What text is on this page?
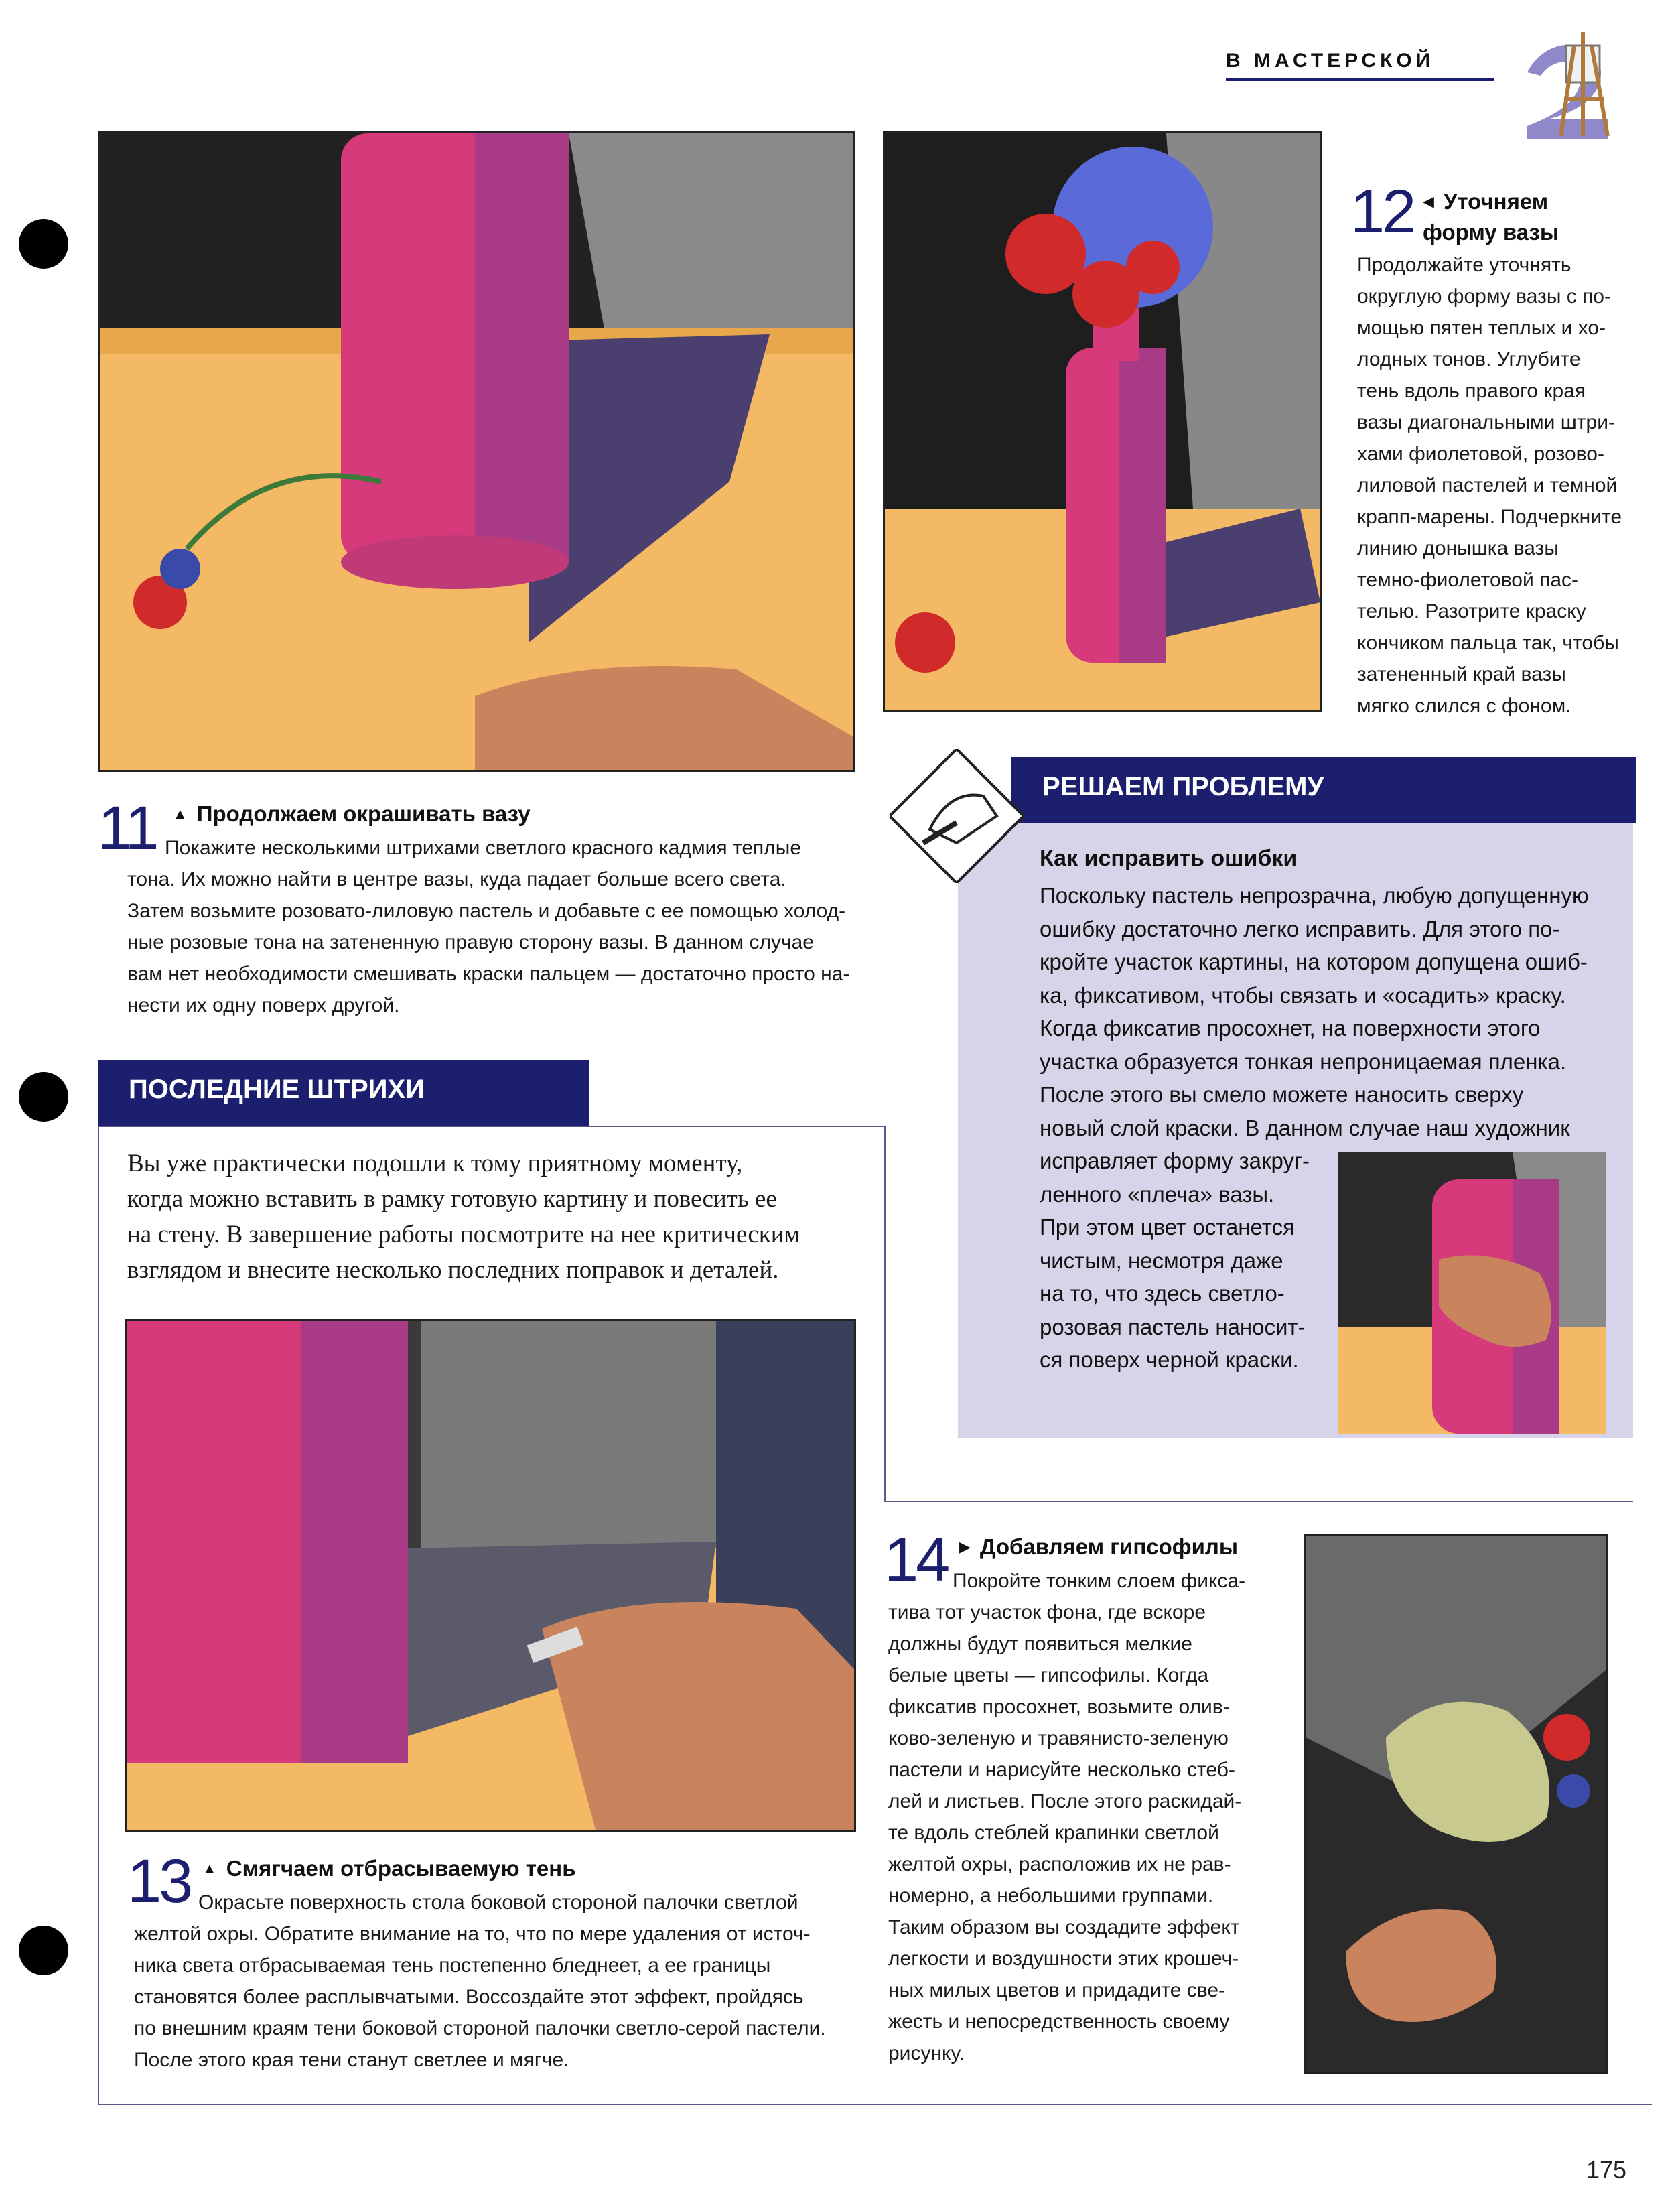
В МАСТЕРСКОЙ
11 ▲ Продолжаем окрашивать вазу
Покажите несколькими штрихами светлого красного кадмия теплые
тона. Их можно найти в центре вазы, куда падает больше всего света.
Затем возьмите розовато-лиловую пастель и добавьте с ее помощью холод-
ные розовые тона на затененную правую сторону вазы. В данном случае
вам нет необходимости смешивать краски пальцем — достаточно просто на-
нести их одну поверх другой.
12 ◀ Уточняем
форму вазы
Продолжайте уточнять
округлую форму вазы с по-
мощью пятен теплых и хо-
лодных тонов. Углубите
тень вдоль правого края
вазы диагональными штри-
хами фиолетовой, розово-
лиловой пастелей и темной
крапп-марены. Подчеркните
линию донышка вазы
темно-фиолетовой пас-
телью. Разотрите краску
кончиком пальца так, чтобы
затененный край вазы
мягко слился с фоном.
РЕШАЕМ ПРОБЛЕМУ
Как исправить ошибки
Поскольку пастель непрозрачна, любую допущенную
ошибку достаточно легко исправить. Для этого по-
кройте участок картины, на котором допущена ошиб-
ка, фиксативом, чтобы связать и «осадить» краску.
Когда фиксатив просохнет, на поверхности этого
участка образуется тонкая непроницаемая пленка.
После этого вы смело можете наносить сверху
новый слой краски. В данном случае наш художник
исправляет форму закруг-
ленного «плеча» вазы.
При этом цвет останется
чистым, несмотря даже
на то, что здесь светло-
розовая пастель наносит-
ся поверх черной краски.
ПОСЛЕДНИЕ ШТРИХИ
Вы уже практически подошли к тому приятному моменту,
когда можно вставить в рамку готовую картину и повесить ее
на стену. В завершение работы посмотрите на нее критическим
взглядом и внесите несколько последних поправок и деталей.
13 ▲ Смягчаем отбрасываемую тень
Окрасьте поверхность стола боковой стороной палочки светлой
желтой охры. Обратите внимание на то, что по мере удаления от источ-
ника света отбрасываемая тень постепенно бледнеет, а ее границы
становятся более расплывчатыми. Воссоздайте этот эффект, пройдясь
по внешним краям тени боковой стороной палочки светло-серой пастели.
После этого края тени станут светлее и мягче.
14 ▶ Добавляем гипсофилы
Покройте тонким слоем фикса-
тива тот участок фона, где вскоре
должны будут появиться мелкие
белые цветы — гипсофилы. Когда
фиксатив просохнет, возьмите олив-
ково-зеленую и травянисто-зеленую
пастели и нарисуйте несколько стеб-
лей и листьев. После этого раскидай-
те вдоль стеблей крапинки светлой
желтой охры, расположив их не рав-
номерно, а небольшими группами.
Таким образом вы создадите эффект
легкости и воздушности этих крошеч-
ных милых цветов и придадите све-
жесть и непосредственность своему
рисунку.
175
